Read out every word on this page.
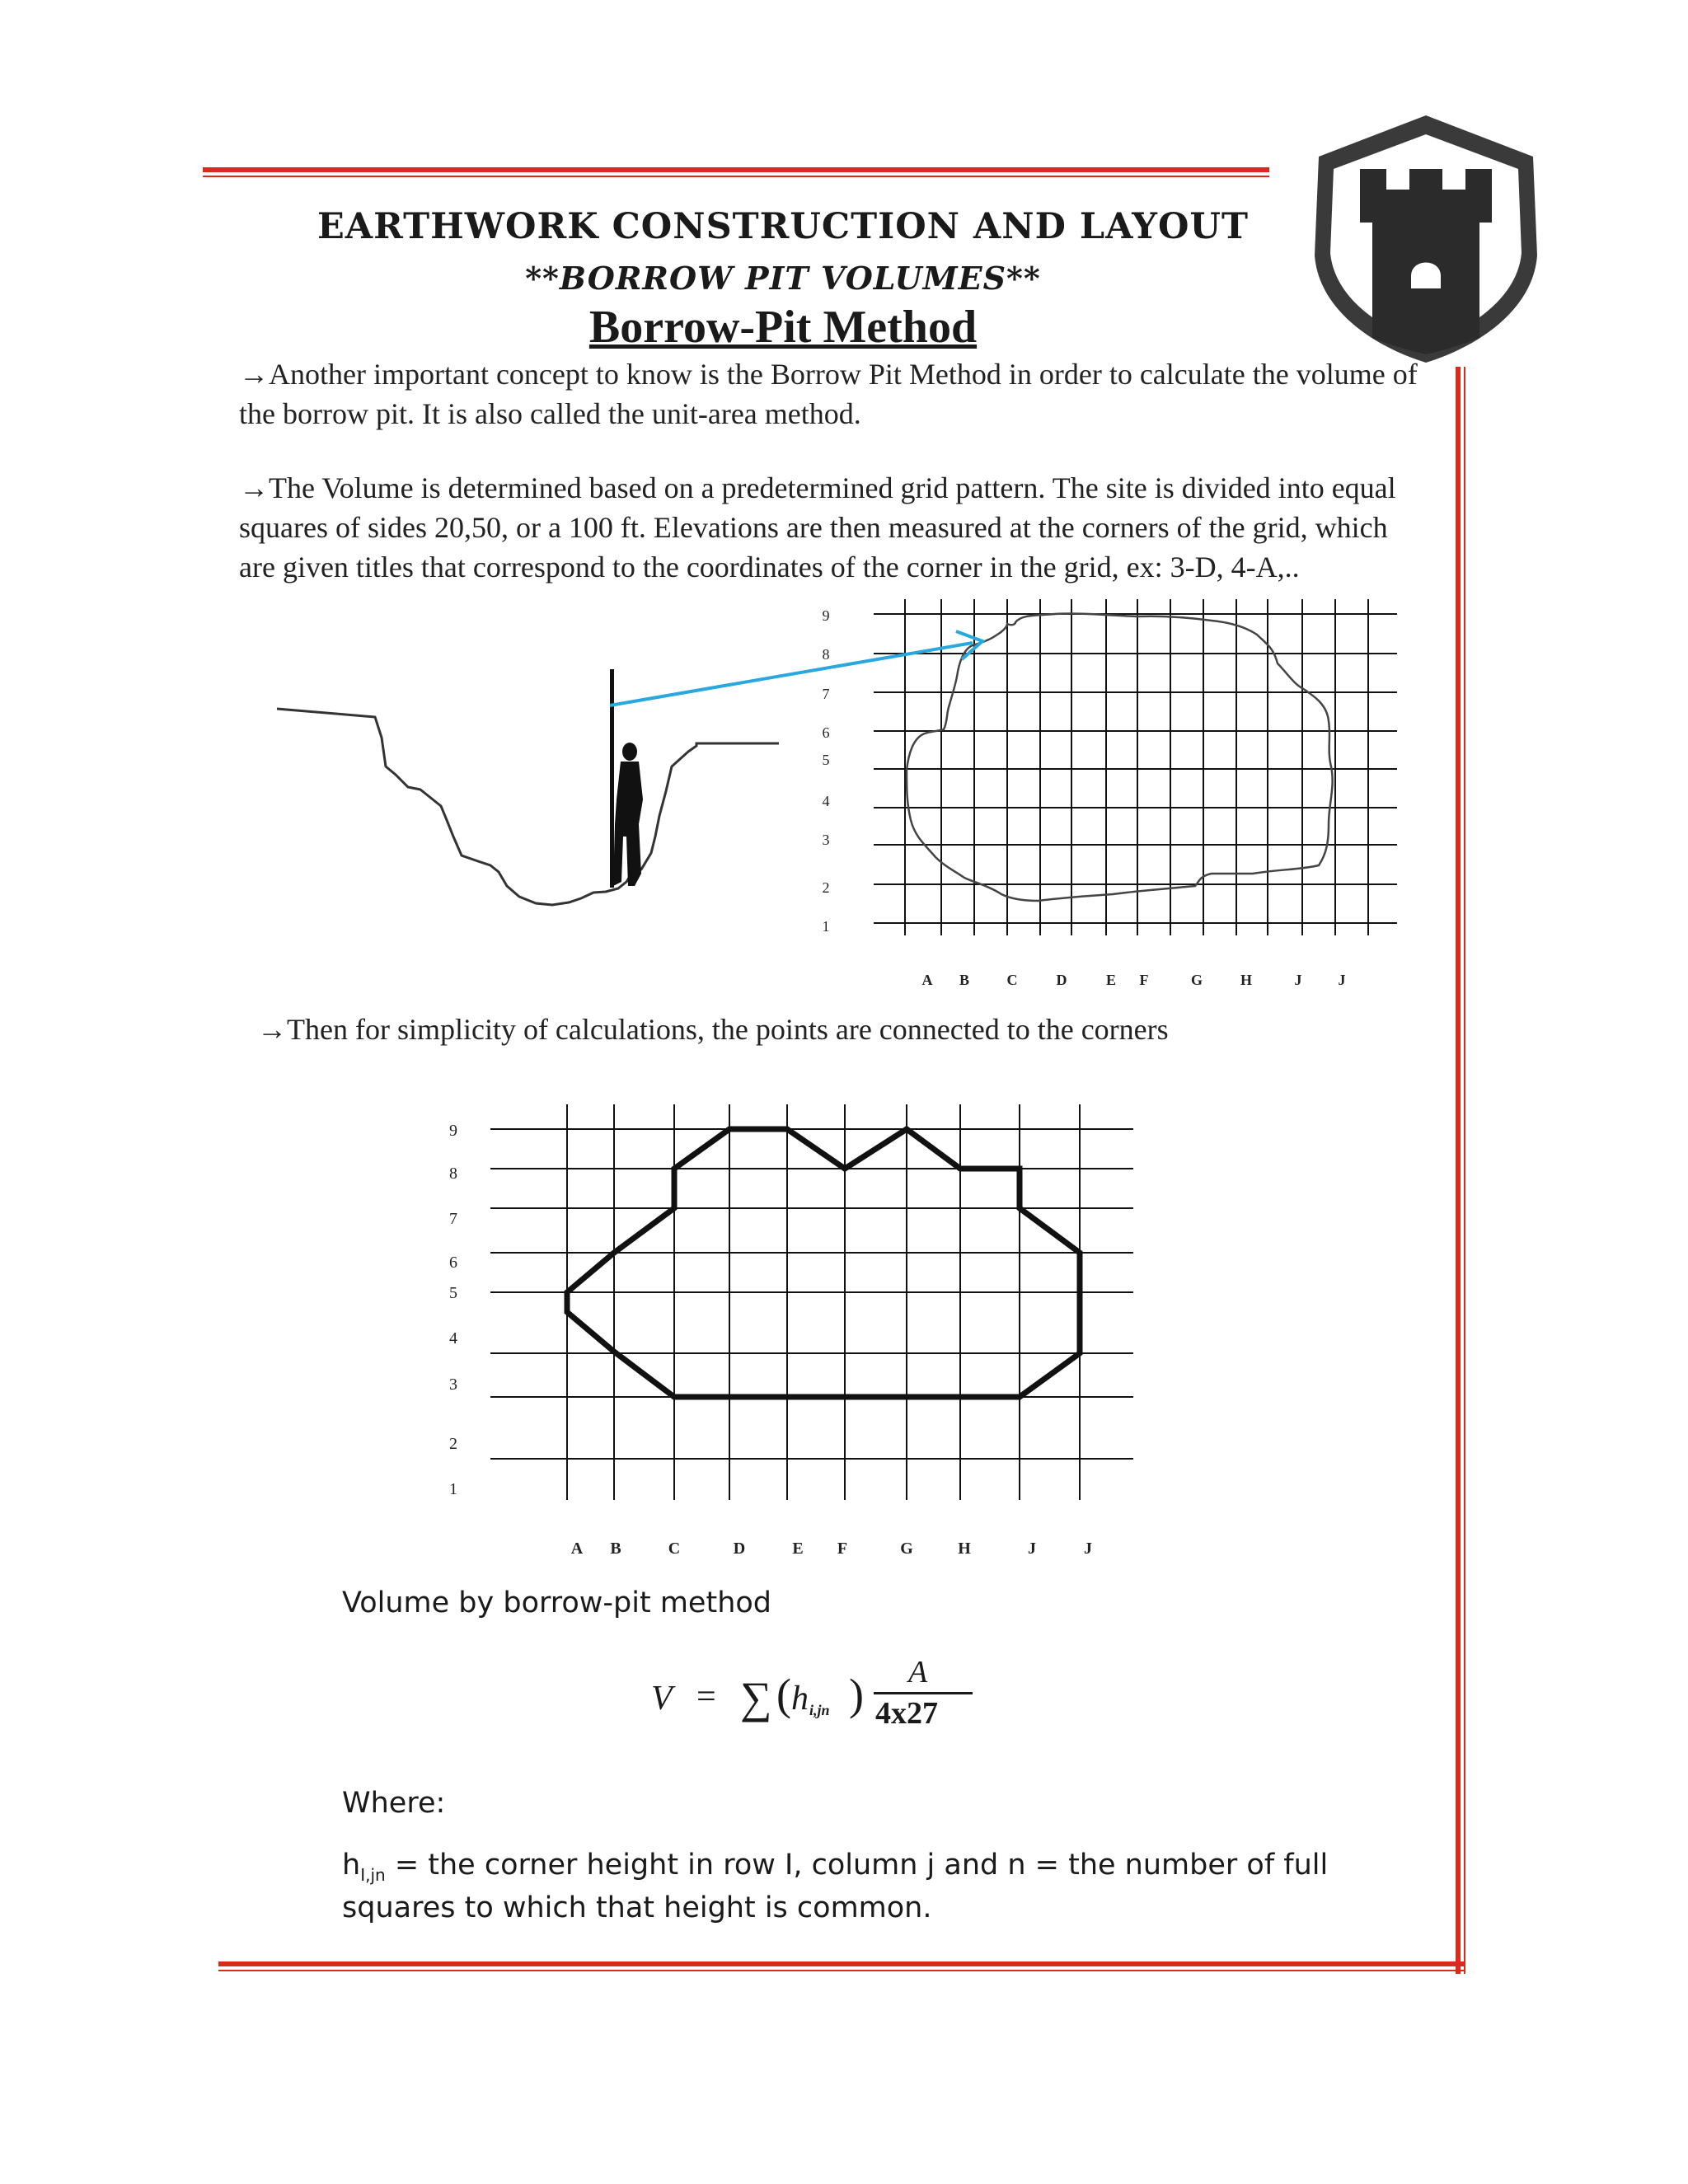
EARTHWORK CONSTRUCTION AND LAYOUT
**BORROW PIT VOLUMES**
Borrow-Pit Method

→Another important concept to know is the Borrow Pit Method in order to calculate the volume of the borrow pit. It is also called the unit-area method.

→The Volume is determined based on a predetermined grid pattern. The site is divided into equal squares of sides 20,50, or a 100 ft. Elevations are then measured at the corners of the grid, which are given titles that correspond to the coordinates of the corner in the grid, ex: 3-D, 4-A,..

9
8
7
6
5
4
3
2
1
A B	C	D	E F	G	H	J J

→Then for simplicity of calculations, the points are connected to the corners

9
8
7
6
5
4
3
2
1
A B	C	D	E F	G	H	J	J
Volume by borrow-pit method
V = ∑ ( h i,jn ) A
4x27
Where:
$h_{I,jn}$ = the corner height in row I, column j and n = the number of full squares to which that height is common.
